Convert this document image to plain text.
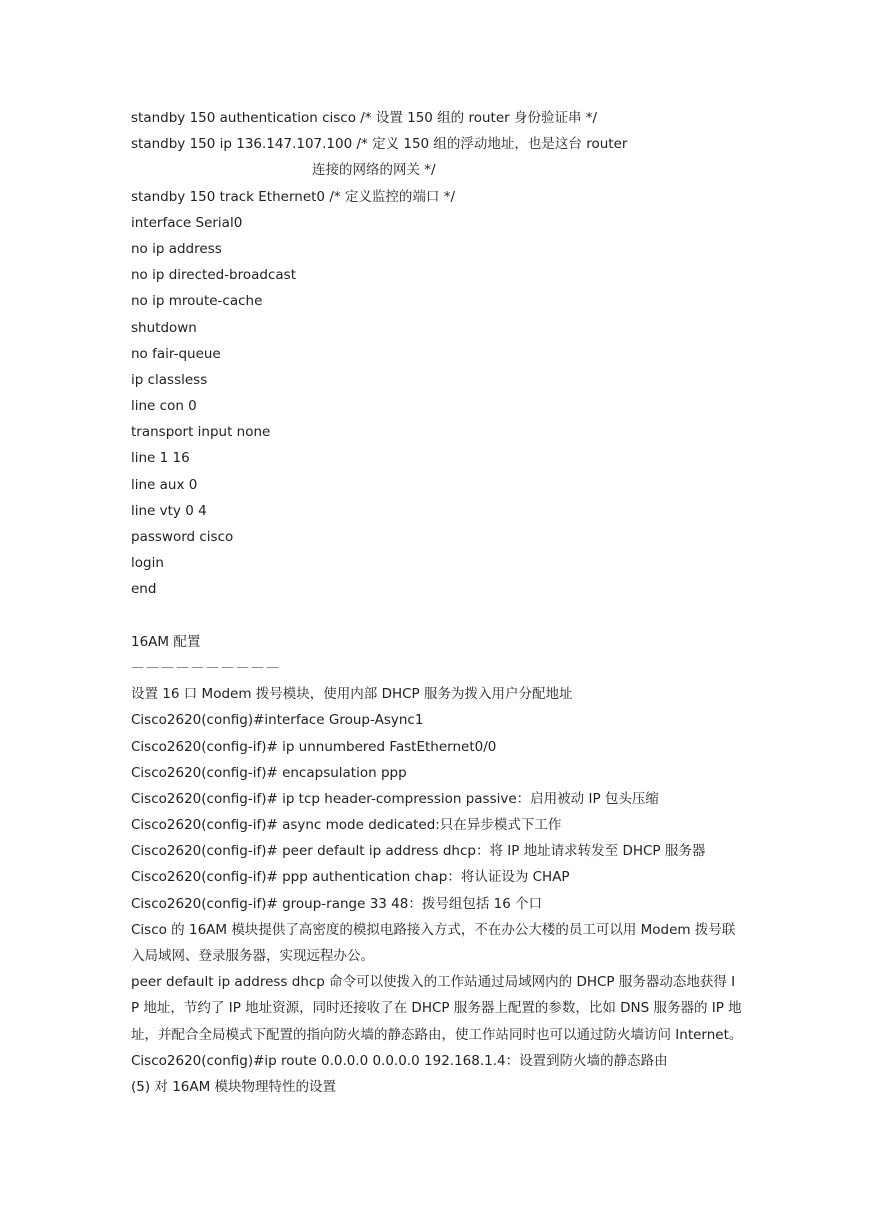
standby 150 authentication cisco /* 设置 150 组的 router 身份验证串 */
standby 150 ip 136.147.107.100 /* 定义 150 组的浮动地址，也是这台 router
连接的网络的网关 */
standby 150 track Ethernet0 /* 定义监控的端口 */
interface Serial0
no ip address
no ip directed-broadcast
no ip mroute-cache
shutdown
no fair-queue
ip classless
line con 0
transport input none
line 1 16
line aux 0
line vty 0 4
password cisco
login
end
16AM 配置
——————————
设置 16 口 Modem 拨号模块，使用内部 DHCP 服务为拨入用户分配地址
Cisco2620(config)#interface Group-Async1
Cisco2620(config-if)# ip unnumbered FastEthernet0/0
Cisco2620(config-if)# encapsulation ppp
Cisco2620(config-if)# ip tcp header-compression passive：启用被动 IP 包头压缩
Cisco2620(config-if)# async mode dedicated:只在异步模式下工作
Cisco2620(config-if)# peer default ip address dhcp：将 IP 地址请求转发至 DHCP 服务器
Cisco2620(config-if)# ppp authentication chap：将认证设为 CHAP
Cisco2620(config-if)# group-range 33 48：拨号组包括 16 个口
Cisco 的 16AM 模块提供了高密度的模拟电路接入方式，不在办公大楼的员工可以用 Modem 拨号联入局域网、登录服务器，实现远程办公。
peer default ip address dhcp 命令可以使拨入的工作站通过局域网内的 DHCP 服务器动态地获得 IP 地址，节约了 IP 地址资源，同时还接收了在 DHCP 服务器上配置的参数，比如 DNS 服务器的 IP 地址，并配合全局模式下配置的指向防火墙的静态路由，使工作站同时也可以通过防火墙访问 Internet。
Cisco2620(config)#ip route 0.0.0.0 0.0.0.0 192.168.1.4：设置到防火墙的静态路由
(5) 对 16AM 模块物理特性的设置
